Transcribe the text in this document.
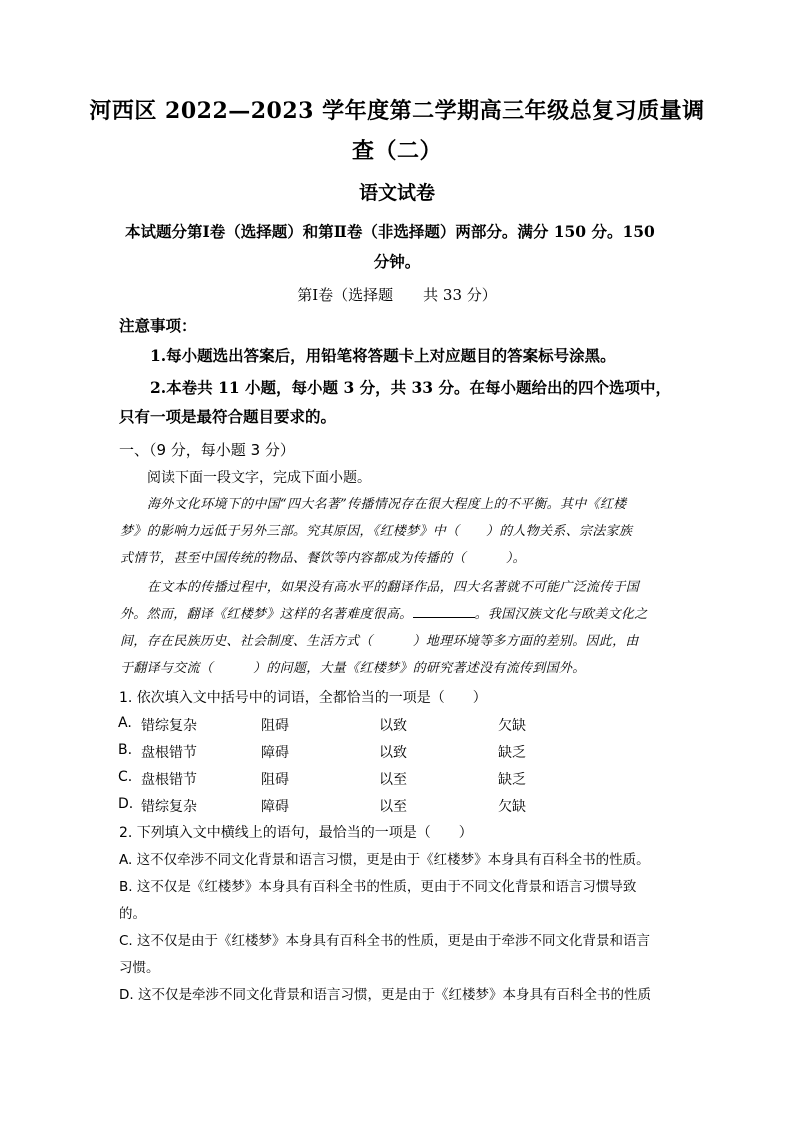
河西区 2022—2023 学年度第二学期高三年级总复习质量调
查（二）
语文试卷
本试题分第Ⅰ卷（选择题）和第Ⅱ卷（非选择题）两部分。满分 150 分。150
分钟。
第Ⅰ卷（选择题　　共 33 分）
注意事项：
1.每小题选出答案后，用铅笔将答题卡上对应题目的答案标号涂黑。
2.本卷共 11 小题，每小题 3 分，共 33 分。在每小题给出的四个选项中，
只有一项是最符合题目要求的。
一、（9 分，每小题 3 分）
阅读下面一段文字，完成下面小题。
海外文化环境下的中国“四大名著”传播情况存在很大程度上的不平衡。其中《红楼
梦》的影响力远低于另外三部。究其原因，《红楼梦》中（　　）的人物关系、宗法家族
式情节，甚至中国传统的物品、餐饮等内容都成为传播的（　　　）。
在文本的传播过程中，如果没有高水平的翻译作品，四大名著就不可能广泛流传于国
外。然而，翻译《红楼梦》这样的名著难度很高。	。我国汉族文化与欧美文化之
间，存在民族历史、社会制度、生活方式（　　　）地理环境等多方面的差别。因此，由
于翻译与交流（　　　）的问题，大量《红楼梦》的研究著述没有流传到国外。
1. 依次填入文中括号中的词语，全都恰当的一项是（　　）
A. 错综复杂	阻碍	以致	欠缺
B. 盘根错节	障碍	以致	缺乏
C. 盘根错节	阻碍	以至	缺乏
D. 错综复杂	障碍	以至	欠缺
2. 下列填入文中横线上的语句，最恰当的一项是（　　）
A. 这不仅牵涉不同文化背景和语言习惯，更是由于《红楼梦》本身具有百科全书的性质。
B. 这不仅是《红楼梦》本身具有百科全书的性质，更由于不同文化背景和语言习惯导致
的。
C. 这不仅是由于《红楼梦》本身具有百科全书的性质，更是由于牵涉不同文化背景和语言
习惯。
D. 这不仅是牵涉不同文化背景和语言习惯，更是由于《红楼梦》本身具有百科全书的性质
